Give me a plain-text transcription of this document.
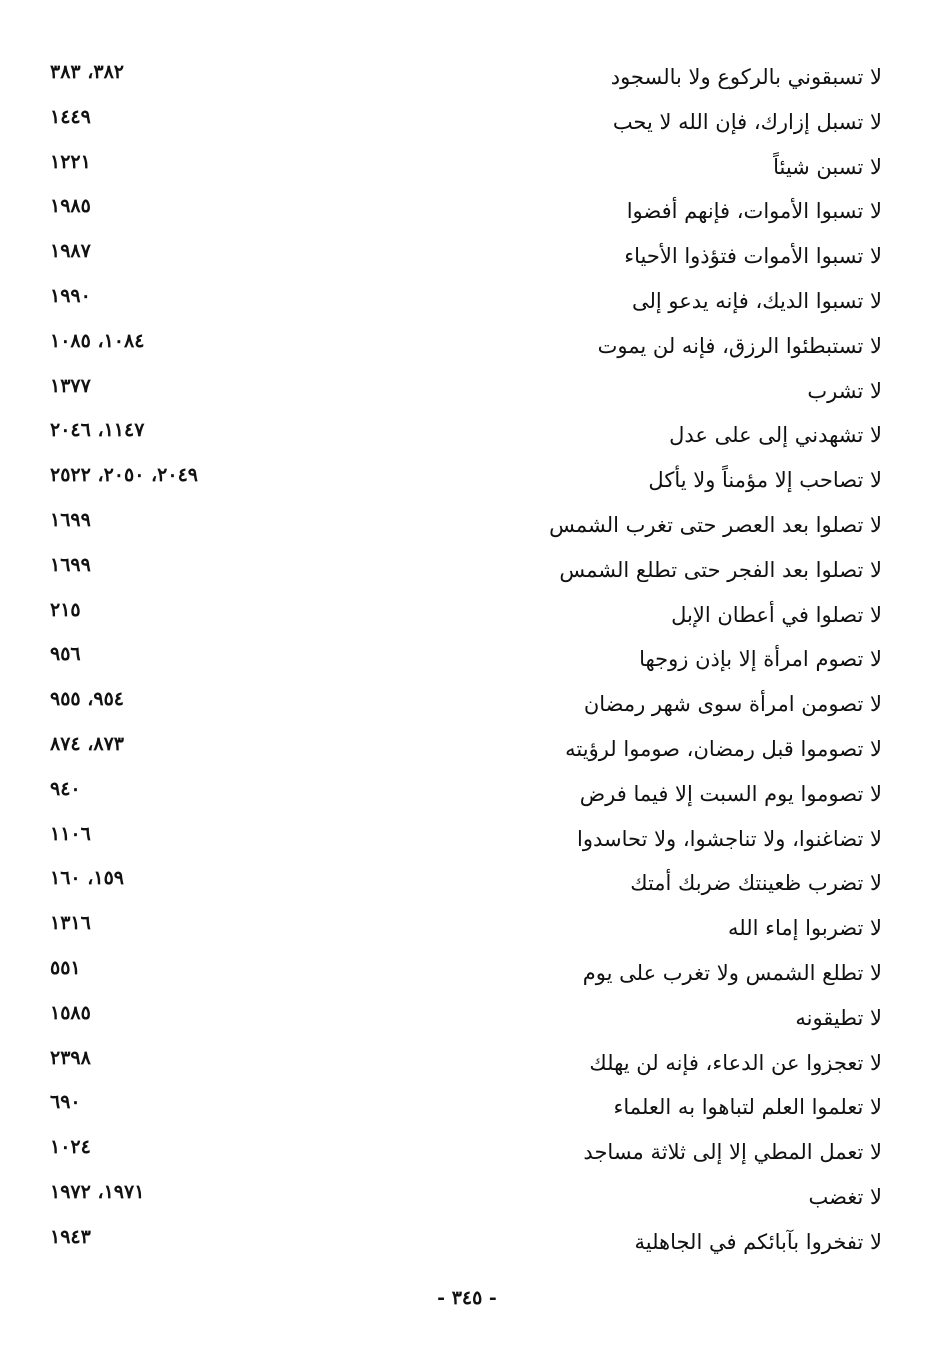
لا تسبقوني بالركوع ولا بالسجود
٣٨٢، ٣٨٣
لا تسبل إزارك، فإن الله لا يحب
١٤٤٩
لا تسبن شيئاً
١٢٢١
لا تسبوا الأموات، فإنهم أفضوا
١٩٨٥
لا تسبوا الأموات فتؤذوا الأحياء
١٩٨٧
لا تسبوا الديك، فإنه يدعو إلى
١٩٩٠
لا تستبطئوا الرزق، فإنه لن يموت
١٠٨٤، ١٠٨٥
لا تشرب
١٣٧٧
لا تشهدني إلى على عدل
١١٤٧، ٢٠٤٦
لا تصاحب إلا مؤمناً ولا يأكل
٢٠٤٩، ٢٠٥٠، ٢٥٢٢
لا تصلوا بعد العصر حتى تغرب الشمس
١٦٩٩
لا تصلوا بعد الفجر حتى تطلع الشمس
١٦٩٩
لا تصلوا في أعطان الإبل
٢١٥
لا تصوم امرأة إلا بإذن زوجها
٩٥٦
لا تصومن امرأة سوى شهر رمضان
٩٥٤، ٩٥٥
لا تصوموا قبل رمضان، صوموا لرؤيته
٨٧٣، ٨٧٤
لا تصوموا يوم السبت إلا فيما فرض
٩٤٠
لا تضاغنوا، ولا تناجشوا، ولا تحاسدوا
١١٠٦
لا تضرب ظعينتك ضربك أمتك
١٥٩، ١٦٠
لا تضربوا إماء الله
١٣١٦
لا تطلع الشمس ولا تغرب على يوم
٥٥١
لا تطيقونه
١٥٨٥
لا تعجزوا عن الدعاء، فإنه لن يهلك
٢٣٩٨
لا تعلموا العلم لتباهوا به العلماء
٦٩٠
لا تعمل المطي إلا إلى ثلاثة مساجد
١٠٢٤
لا تغضب
١٩٧١، ١٩٧٢
لا تفخروا بآبائكم في الجاهلية
١٩٤٣
- ٣٤٥ -
